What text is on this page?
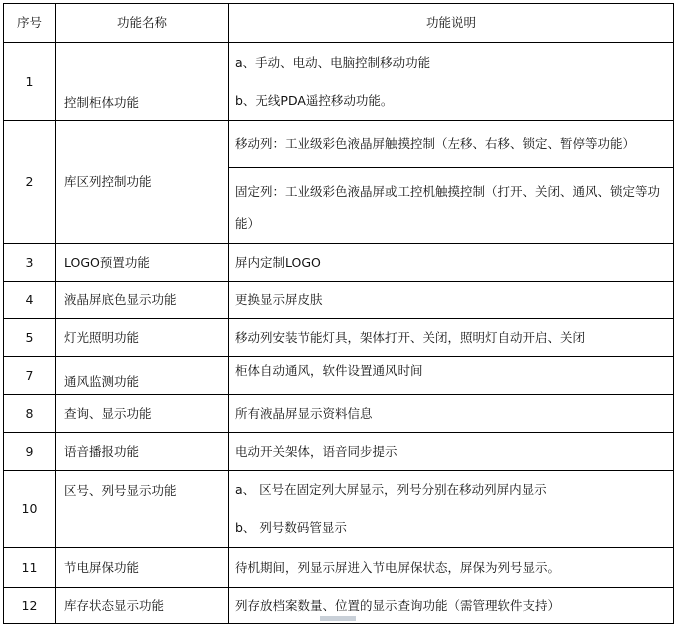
序号	功能名称	功能说明
1	控制柜体功能	a、手动、电动、电脑控制移动功能
b、无线PDA遥控移动功能。

2	库区列控制功能	移动列：工业级彩色液晶屏触摸控制（左移、右移、锁定、暂停等功能）
		固定列：工业级彩色液晶屏或工控机触摸控制（打开、关闭、通风、锁定等功能）
3	LOGO预置功能	屏内定制LOGO
4	液晶屏底色显示功能	更换显示屏皮肤
5	灯光照明功能	移动列安装节能灯具，架体打开、关闭，照明灯自动开启、关闭
7	通风监测功能	柜体自动通风，软件设置通风时间
8	查询、显示功能	所有液晶屏显示资料信息
9	语音播报功能	电动开关架体，语音同步提示
10	区号、列号显示功能	a、 区号在固定列大屏显示，列号分别在移动列屏内显示
b、 列号数码管显示

11	节电屏保功能	待机期间，列显示屏进入节电屏保状态，屏保为列号显示。
12	库存状态显示功能	列存放档案数量、位置的显示查询功能（需管理软件支持）
